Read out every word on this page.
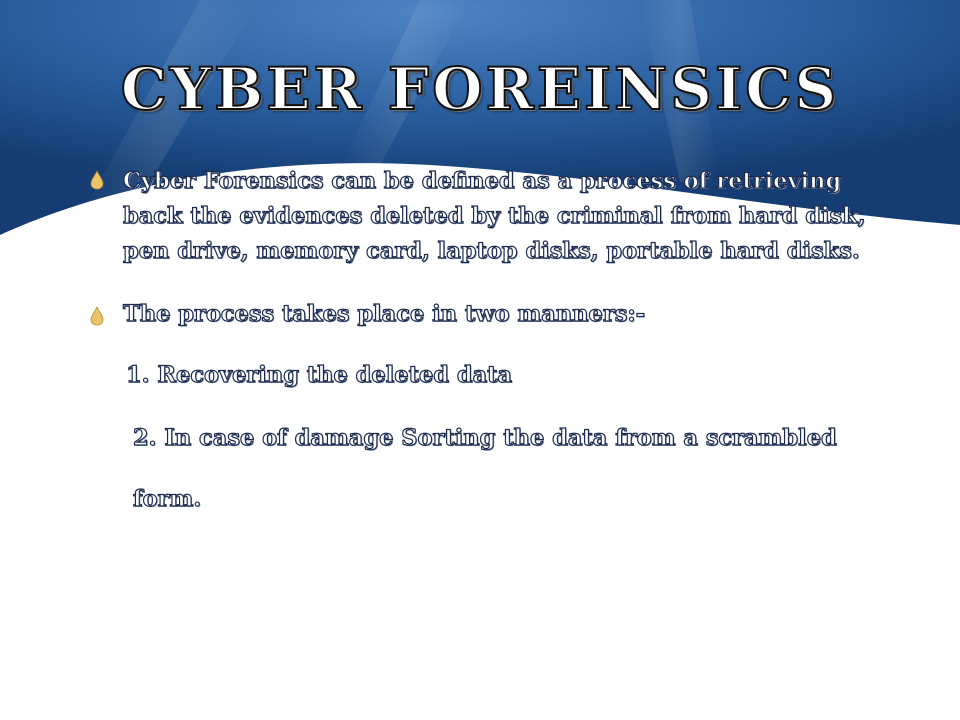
CYBER FOREINSICS
Cyber Forensics can be defined as a process of retrieving
back the evidences deleted by the criminal from hard disk,
pen drive, memory card, laptop disks, portable hard disks.
The process takes place in two manners:-
1. Recovering the deleted data
2. In case of damage Sorting the data from a scrambled
form.
